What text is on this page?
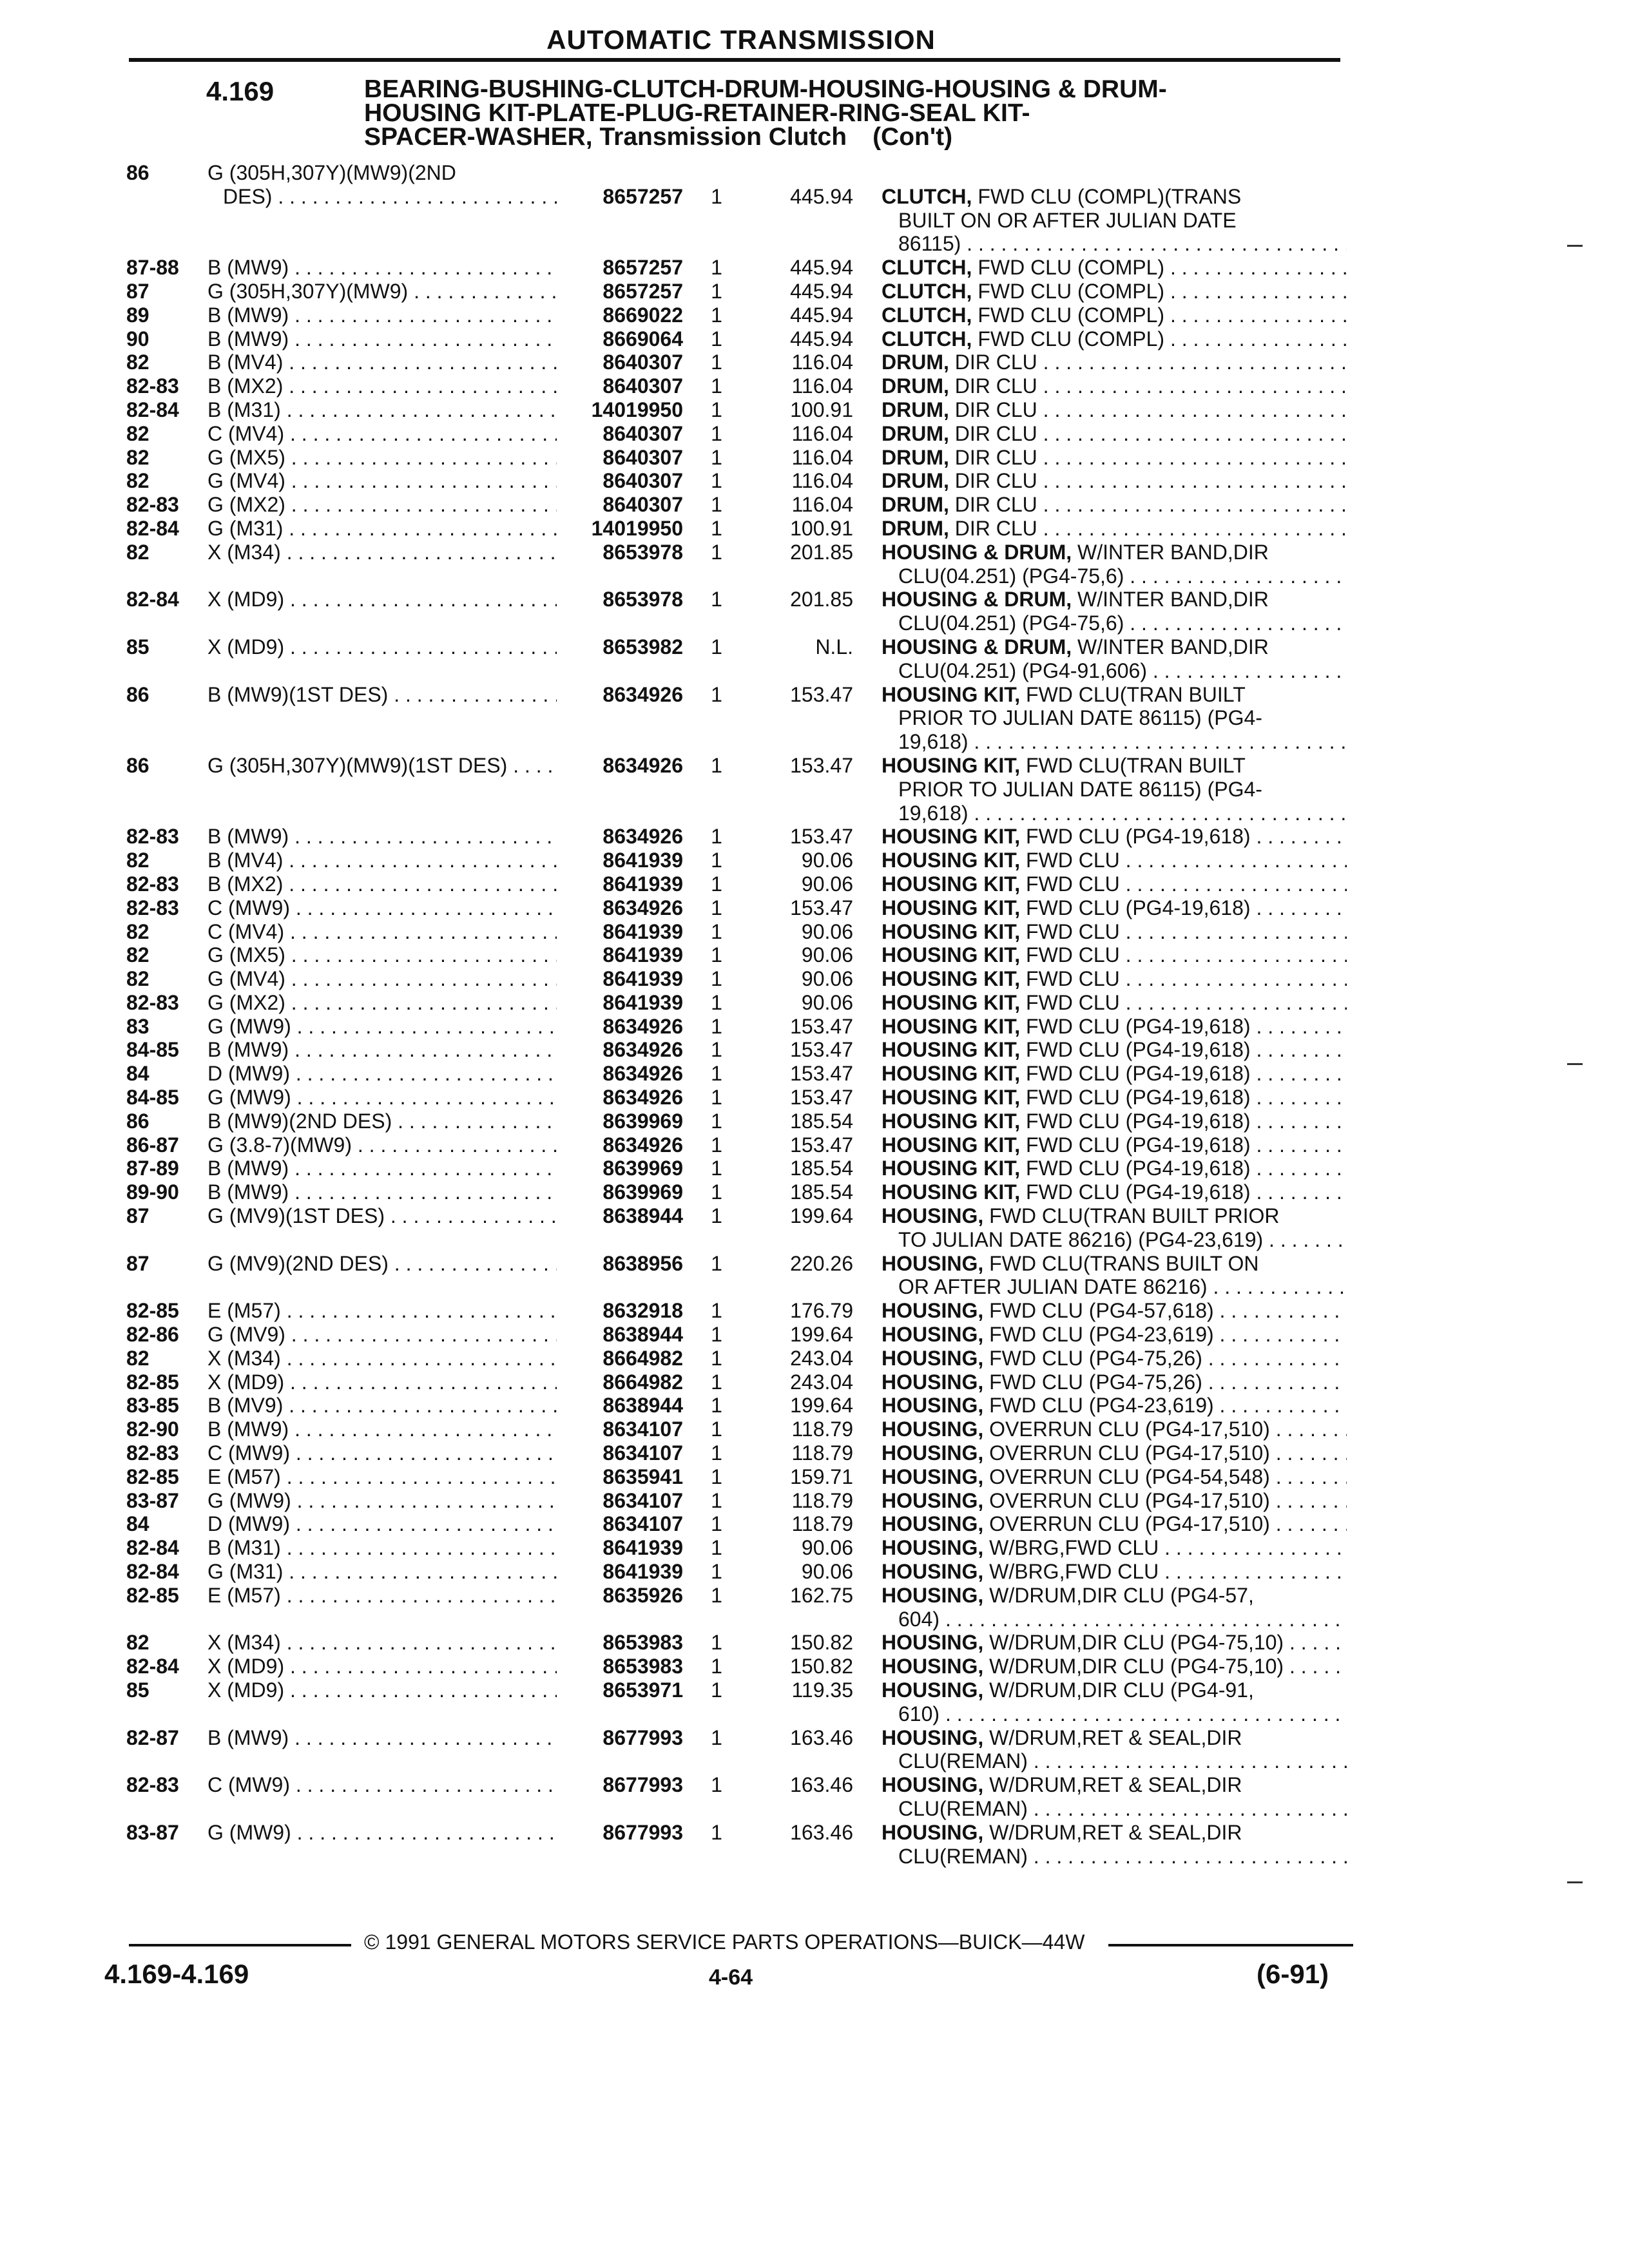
AUTOMATIC TRANSMISSION
4.169	BEARING-BUSHING-CLUTCH-DRUM-HOUSING-HOUSING & DRUM-
HOUSING KIT-PLATE-PLUG-RETAINER-RING-SEAL KIT-
SPACER-WASHER, Transmission Clutch (Con't)
86	G (305H,307Y)(MW9)(2ND
DES) . . .	8657257 1	445.94 CLUTCH, FWD CLU (COMPL)(TRANS
BUILT ON OR AFTER JULIAN DATE
86115) . . .
87-88 B (MW9) . . .	8657257 1	445.94 CLUTCH, FWD CLU (COMPL) . . .
87	G (305H,307Y)(MW9) . . .	8657257 1	445.94 CLUTCH, FWD CLU (COMPL) . . .
89	B (MW9) . . .	8669022 1	445.94 CLUTCH, FWD CLU (COMPL) . . .
90	B (MW9) . . .	8669064 1	445.94 CLUTCH, FWD CLU (COMPL) . . .
82	B (MV4) . . .	8640307 1	116.04 DRUM, DIR CLU . . .
82-83 B (MX2) . . .	8640307 1	116.04 DRUM, DIR CLU . . .
82-84 B (M31) . . .	14019950 1	100.91 DRUM, DIR CLU . . .
82	C (MV4) . . .	8640307 1	116.04 DRUM, DIR CLU . . .
82	G (MX5) . . .	8640307 1	116.04 DRUM, DIR CLU . . .
82	G (MV4) . . .	8640307 1	116.04 DRUM, DIR CLU . . .
82-83 G (MX2) . . .	8640307 1	116.04 DRUM, DIR CLU . . .
82-84 G (M31) . . .	14019950 1	100.91 DRUM, DIR CLU . . .
82	X (M34) . . .	8653978 1	201.85 HOUSING & DRUM, W/INTER BAND,DIR
CLU(04.251) (PG4-75,6) . . .
82-84 X (MD9) . . .	8653978 1	201.85 HOUSING & DRUM, W/INTER BAND,DIR
CLU(04.251) (PG4-75,6) . . .
85	X (MD9) . . .	8653982 1	N.L. HOUSING & DRUM, W/INTER BAND,DIR
CLU(04.251) (PG4-91,606) . . .
86	B (MW9)(1ST DES) . . .	8634926 1	153.47 HOUSING KIT, FWD CLU(TRAN BUILT
PRIOR TO JULIAN DATE 86115) (PG4-
19,618) . . .
86	G (305H,307Y)(MW9)(1ST DES) . . .	8634926 1	153.47 HOUSING KIT, FWD CLU(TRAN BUILT
PRIOR TO JULIAN DATE 86115) (PG4-
19,618) . . .
82-83 B (MW9) . . .	8634926 1	153.47 HOUSING KIT, FWD CLU (PG4-19,618) . . .
82	B (MV4) . . .	8641939 1	90.06 HOUSING KIT, FWD CLU . . .
82-83 B (MX2) . . .	8641939 1	90.06 HOUSING KIT, FWD CLU . . .
82-83 C (MW9) . . .	8634926 1	153.47 HOUSING KIT, FWD CLU (PG4-19,618) . . .
82	C (MV4) . . .	8641939 1	90.06 HOUSING KIT, FWD CLU . . .
82	G (MX5) . . .	8641939 1	90.06 HOUSING KIT, FWD CLU . . .
82	G (MV4) . . .	8641939 1	90.06 HOUSING KIT, FWD CLU . . .
82-83 G (MX2) . . .	8641939 1	90.06 HOUSING KIT, FWD CLU . . .
83	G (MW9) . . .	8634926 1	153.47 HOUSING KIT, FWD CLU (PG4-19,618) . . .
84-85 B (MW9) . . .	8634926 1	153.47 HOUSING KIT, FWD CLU (PG4-19,618) . . .
84	D (MW9) . . .	8634926 1	153.47 HOUSING KIT, FWD CLU (PG4-19,618) . . .
84-85 G (MW9) . . .	8634926 1	153.47 HOUSING KIT, FWD CLU (PG4-19,618) . . .
86	B (MW9)(2ND DES) . . .	8639969 1	185.54 HOUSING KIT, FWD CLU (PG4-19,618) . . .
86-87 G (3.8-7)(MW9) . . .	8634926 1	153.47 HOUSING KIT, FWD CLU (PG4-19,618) . . .
87-89 B (MW9) . . .	8639969 1	185.54 HOUSING KIT, FWD CLU (PG4-19,618) . . .
89-90 B (MW9) . . .	8639969 1	185.54 HOUSING KIT, FWD CLU (PG4-19,618) . . .
87	G (MV9)(1ST DES) . . .	8638944 1	199.64 HOUSING, FWD CLU(TRAN BUILT PRIOR
TO JULIAN DATE 86216) (PG4-23,619) . . .
87	G (MV9)(2ND DES) . . .	8638956 1	220.26 HOUSING, FWD CLU(TRANS BUILT ON
OR AFTER JULIAN DATE 86216) . . .
82-85 E (M57) . . .	8632918 1	176.79 HOUSING, FWD CLU (PG4-57,618) . . .
82-86 G (MV9) . . .	8638944 1	199.64 HOUSING, FWD CLU (PG4-23,619) . . .
82	X (M34) . . .	8664982 1	243.04 HOUSING, FWD CLU (PG4-75,26) . . .
82-85 X (MD9) . . .	8664982 1	243.04 HOUSING, FWD CLU (PG4-75,26) . . .
83-85 B (MV9) . . .	8638944 1	199.64 HOUSING, FWD CLU (PG4-23,619) . . .
82-90 B (MW9) . . .	8634107 1	118.79 HOUSING, OVERRUN CLU (PG4-17,510) . . .
82-83 C (MW9) . . .	8634107 1	118.79 HOUSING, OVERRUN CLU (PG4-17,510) . . .
82-85 E (M57) . . .	8635941 1	159.71 HOUSING, OVERRUN CLU (PG4-54,548) . . .
83-87 G (MW9) . . .	8634107 1	118.79 HOUSING, OVERRUN CLU (PG4-17,510) . . .
84	D (MW9) . . .	8634107 1	118.79 HOUSING, OVERRUN CLU (PG4-17,510) . . .
82-84 B (M31) . . .	8641939 1	90.06 HOUSING, W/BRG,FWD CLU . . .
82-84 G (M31) . . .	8641939 1	90.06 HOUSING, W/BRG,FWD CLU . . .
82-85 E (M57) . . .	8635926 1	162.75 HOUSING, W/DRUM,DIR CLU (PG4-57,
604) . . .
82	X (M34) . . .	8653983 1	150.82 HOUSING, W/DRUM,DIR CLU (PG4-75,10) . . .
82-84 X (MD9) . . .	8653983 1	150.82 HOUSING, W/DRUM,DIR CLU (PG4-75,10) . . .
85	X (MD9) . . .	8653971 1	119.35 HOUSING, W/DRUM,DIR CLU (PG4-91,
610) . . .
82-87 B (MW9) . . .	8677993 1	163.46 HOUSING, W/DRUM,RET & SEAL,DIR
CLU(REMAN) . . .
82-83 C (MW9) . . .	8677993 1	163.46 HOUSING, W/DRUM,RET & SEAL,DIR
CLU(REMAN) . . .
83-87 G (MW9) . . .	8677993 1	163.46 HOUSING, W/DRUM,RET & SEAL,DIR
CLU(REMAN) . . .
© 1991 GENERAL MOTORS SERVICE PARTS OPERATIONS—BUICK—44W
4.169-4.169	4-64	(6-91)
